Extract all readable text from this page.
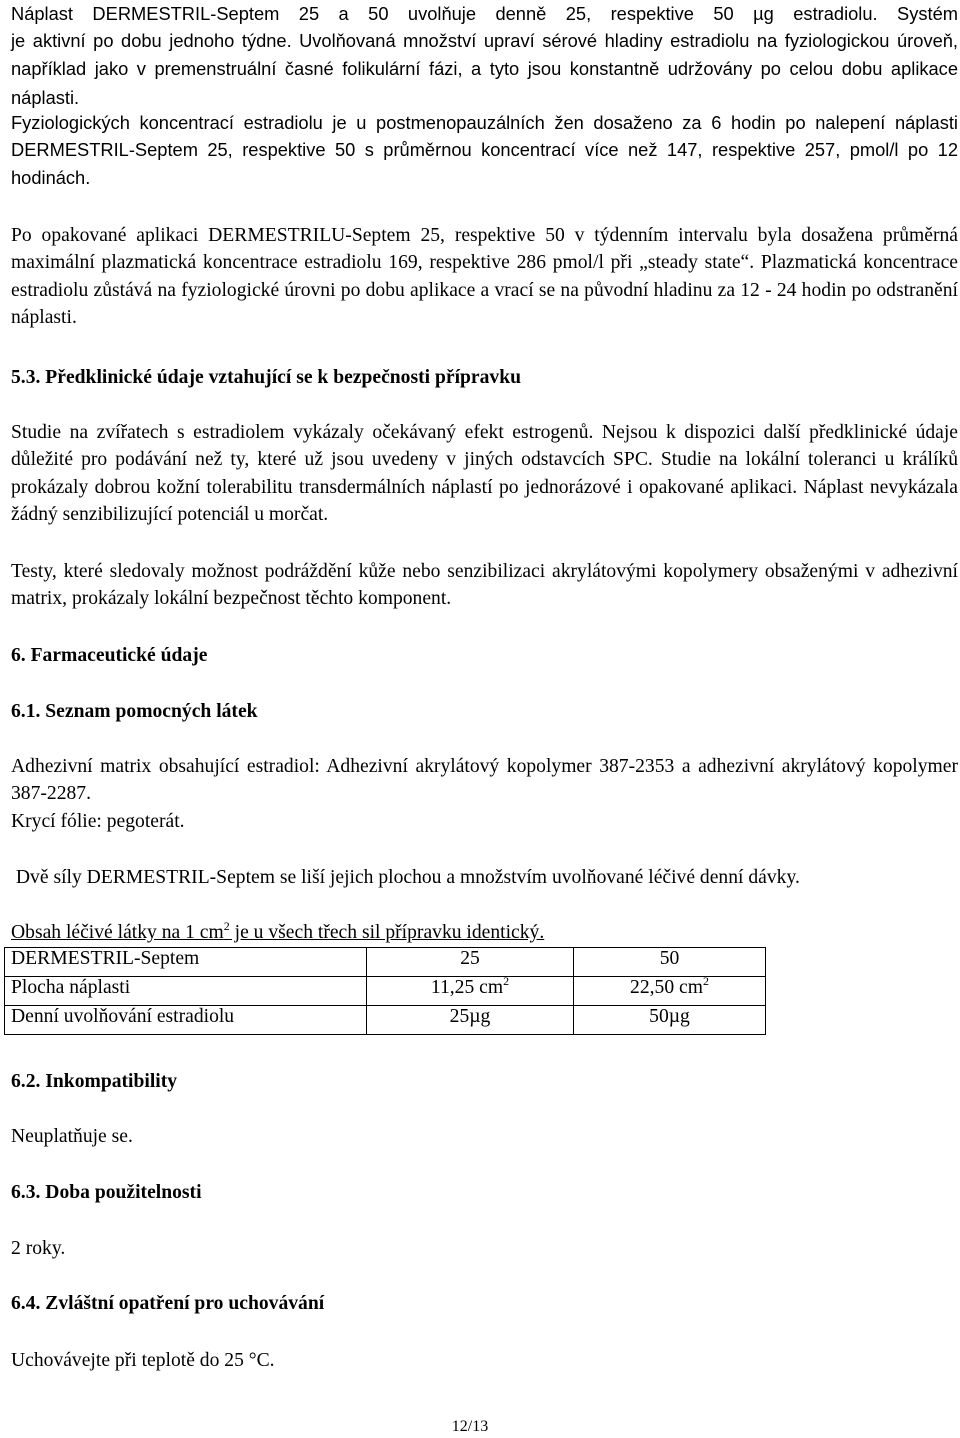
Náplast DERMESTRIL-Septem 25 a 50 uvolňuje denně 25, respektive 50 µg estradiolu. Systém

je aktivní po dobu jednoho týdne. Uvolňovaná množství upraví sérové hladiny estradiolu na fyziologickou úroveň, například jako v premenstruální časné folikulární fázi, a tyto jsou konstantně udržovány po celou dobu aplikace náplasti.

Fyziologických koncentrací estradiolu je u postmenopauzálních žen dosaženo za 6 hodin po nalepení náplasti DERMESTRIL-Septem 25, respektive 50 s průměrnou koncentrací více než 147, respektive 257, pmol/l po 12 hodinách.

Po opakované aplikaci DERMESTRILU-Septem 25, respektive 50 v týdenním intervalu byla dosažena průměrná maximální plazmatická koncentrace estradiolu 169, respektive 286 pmol/l při „steady state“. Plazmatická koncentrace estradiolu zůstává na fyziologické úrovni po dobu aplikace a vrací se na původní hladinu za 12 - 24 hodin po odstranění náplasti.

5.3. Předklinické údaje vztahující se k bezpečnosti přípravku

Studie na zvířatech s estradiolem vykázaly očekávaný efekt estrogenů. Nejsou k dispozici další předklinické údaje důležité pro podávání než ty, které už jsou uvedeny v jiných odstavcích SPC. Studie na lokální toleranci u králíků prokázaly dobrou kožní tolerabilitu transdermálních náplastí po jednorázové i opakované aplikaci. Náplast nevykázala žádný senzibilizující potenciál u morčat.

Testy, které sledovaly možnost podráždění kůže nebo senzibilizaci akrylátovými kopolymery obsaženými v adhezivní matrix, prokázaly lokální bezpečnost těchto komponent.

6. Farmaceutické údaje

6.1. Seznam pomocných látek

Adhezivní matrix obsahující estradiol: Adhezivní akrylátový kopolymer 387-2353 a adhezivní akrylátový kopolymer 387-2287.

Krycí fólie: pegoterát.

Dvě síly DERMESTRIL-Septem se liší jejich plochou a množstvím uvolňované léčivé denní dávky.

Obsah léčivé látky na 1 $cm^2$ je u všech třech sil přípravku identický.

DERMESTRIL-Septem	25	50
Plocha náplasti	11,25 $cm^2$	22,50 $cm^2$
Denní uvolňování estradiolu	25µg	50µg

6.2. Inkompatibility

Neuplatňuje se.

6.3. Doba použitelnosti

2 roky.

6.4. Zvláštní opatření pro uchovávání

Uchovávejte při teplotě do 25 °C.

12/13
